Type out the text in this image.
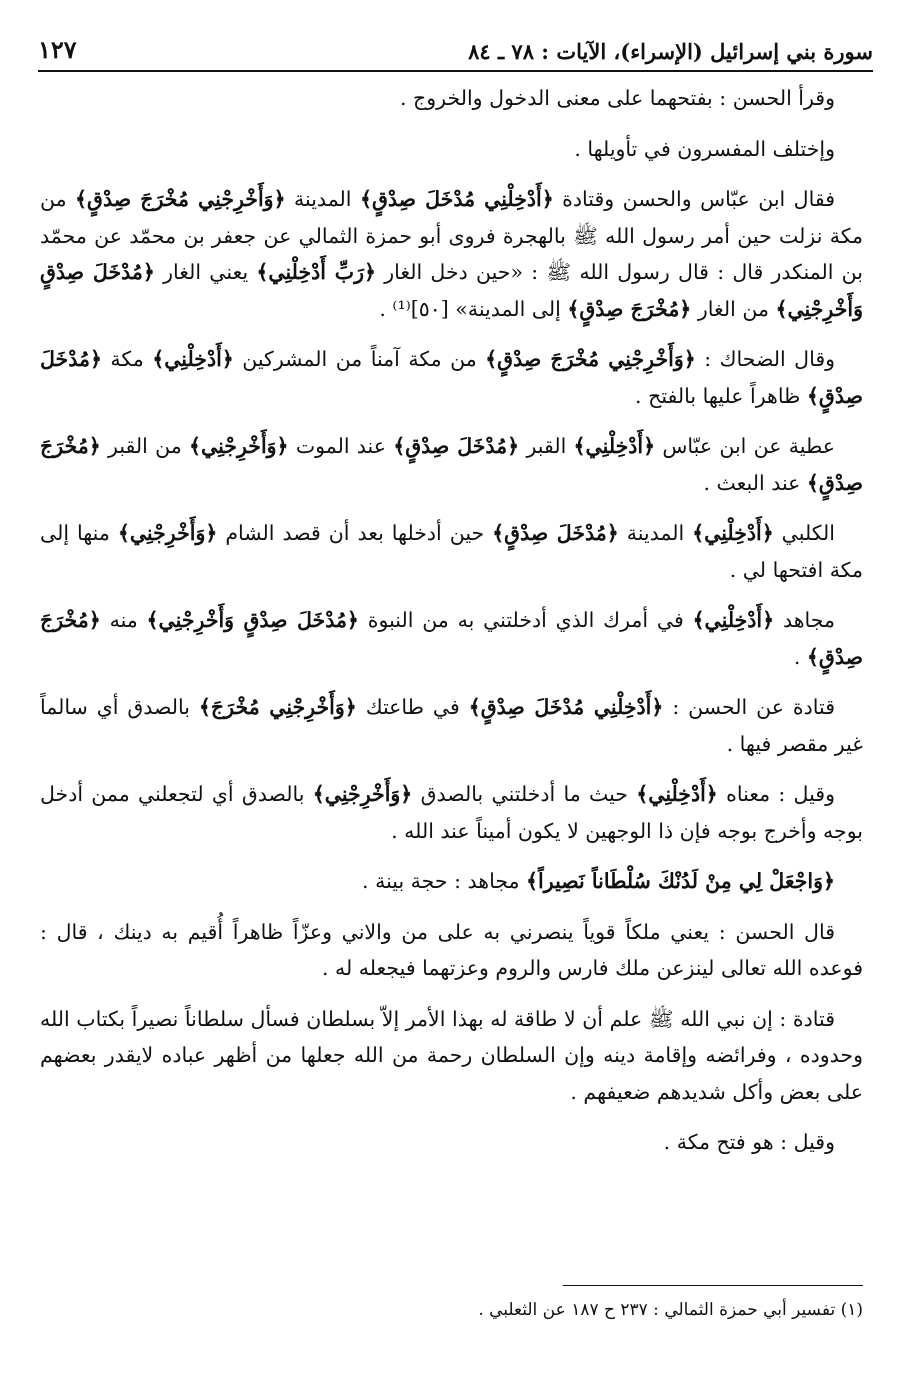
سورة بني إسرائيل (الإسراء)، الآيات : ٧٨ ـ ٨٤
١٢٧

وقرأ الحسن : بفتحهما على معنى الدخول والخروج .

وإختلف المفسرون في تأويلها .

فقال ابن عبّاس والحسن وقتادة ﴿أَدْخِلْنِي مُدْخَلَ صِدْقٍ﴾ المدينة ﴿وَأَخْرِجْنِي مُخْرَجَ صِدْقٍ﴾ من مكة نزلت حين أمر رسول الله ﷺ بالهجرة فروى أبو حمزة الثمالي عن جعفر بن محمّد عن محمّد بن المنكدر قال : قال رسول الله ﷺ : «حين دخل الغار ﴿رَبِّ أَدْخِلْنِي﴾ يعني الغار ﴿مُدْخَلَ صِدْقٍ وَأَخْرِجْنِي﴾ من الغار ﴿مُخْرَجَ صِدْقٍ﴾ إلى المدينة» [٥٠]⁽¹⁾ .

وقال الضحاك : ﴿وَأَخْرِجْنِي مُخْرَجَ صِدْقٍ﴾ من مكة آمناً من المشركين ﴿أَدْخِلْنِي﴾ مكة ﴿مُدْخَلَ صِدْقٍ﴾ ظاهراً عليها بالفتح .

عطية عن ابن عبّاس ﴿أَدْخِلْنِي﴾ القبر ﴿مُدْخَلَ صِدْقٍ﴾ عند الموت ﴿وَأَخْرِجْنِي﴾ من القبر ﴿مُخْرَجَ صِدْقٍ﴾ عند البعث .

الكلبي ﴿أَدْخِلْنِي﴾ المدينة ﴿مُدْخَلَ صِدْقٍ﴾ حين أدخلها بعد أن قصد الشام ﴿وَأَخْرِجْنِي﴾ منها إلى مكة افتحها لي .

مجاهد ﴿أَدْخِلْنِي﴾ في أمرك الذي أدخلتني به من النبوة ﴿مُدْخَلَ صِدْقٍ وَأَخْرِجْنِي﴾ منه ﴿مُخْرَجَ صِدْقٍ﴾ .

قتادة عن الحسن : ﴿أَدْخِلْنِي مُدْخَلَ صِدْقٍ﴾ في طاعتك ﴿وَأَخْرِجْنِي مُخْرَجَ﴾ بالصدق أي سالماً غير مقصر فيها .

وقيل : معناه ﴿أَدْخِلْنِي﴾ حيث ما أدخلتني بالصدق ﴿وَأَخْرِجْنِي﴾ بالصدق أي لتجعلني ممن أدخل بوجه وأخرج بوجه فإن ذا الوجهين لا يكون أميناً عند الله .

﴿وَاجْعَلْ لِي مِنْ لَدُنْكَ سُلْطَاناً نَصِيراً﴾ مجاهد : حجة بينة .

قال الحسن : يعني ملكاً قوياً ينصرني به على من والاني وعزّاً ظاهراً أُقيم به دينك ، قال : فوعده الله تعالى لينزعن ملك فارس والروم وعزتهما فيجعله له .

قتادة : إن نبي الله ﷺ علم أن لا طاقة له بهذا الأمر إلاّ بسلطان فسأل سلطاناً نصيراً بكتاب الله وحدوده ، وفرائضه وإقامة دينه وإن السلطان رحمة من الله جعلها من أظهر عباده لايقدر بعضهم على بعض وأكل شديدهم ضعيفهم .

وقيل : هو فتح مكة .

(١) تفسير أبي حمزة الثمالي : ٢٣٧ ح ١٨٧ عن الثعلبي .
